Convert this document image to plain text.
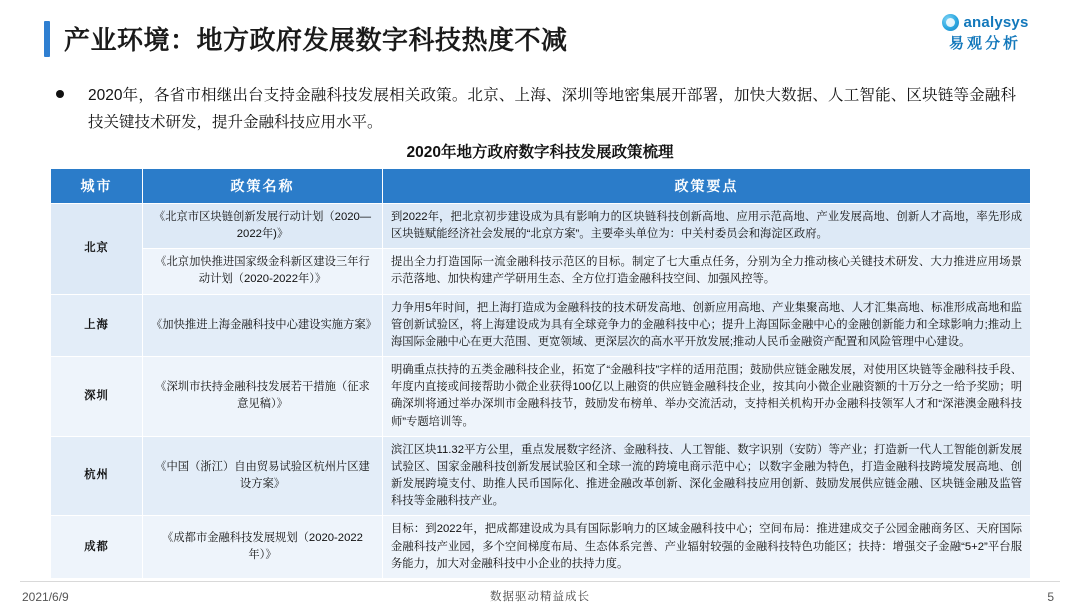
产业环境：地方政府发展数字科技热度不减
analysys
易观分析
2020年，各省市相继出台支持金融科技发展相关政策。北京、上海、深圳等地密集展开部署，加快大数据、人工智能、区块链等金融科技关键技术研发，提升金融科技应用水平。
2020年地方政府数字科技发展政策梳理
城市	政策名称	政策要点
北京	《北京市区块链创新发展行动计划（2020—2022年)》	到2022年，把北京初步建设成为具有影响力的区块链科技创新高地、应用示范高地、产业发展高地、创新人才高地，率先形成区块链赋能经济社会发展的“北京方案”。主要牵头单位为：中关村委员会和海淀区政府。
	《北京加快推进国家级金科新区建设三年行动计划（2020-2022年）》	提出全力打造国际一流金融科技示范区的目标。制定了七大重点任务，分别为全力推动核心关键技术研发、大力推进应用场景示范落地、加快构建产学研用生态、全方位打造金融科技空间、加强风控等。
上海	《加快推进上海金融科技中心建设实施方案》	力争用5年时间，把上海打造成为金融科技的技术研发高地、创新应用高地、产业集聚高地、人才汇集高地、标准形成高地和监管创新试验区，将上海建设成为具有全球竞争力的金融科技中心；提升上海国际金融中心的金融创新能力和全球影响力;推动上海国际金融中心在更大范围、更宽领域、更深层次的高水平开放发展;推动人民币金融资产配置和风险管理中心建设。
深圳	《深圳市扶持金融科技发展若干措施（征求意见稿）》	明确重点扶持的五类金融科技企业，拓宽了“金融科技”字样的适用范围；鼓励供应链金融发展，对使用区块链等金融科技手段、年度内直接或间接帮助小微企业获得100亿以上融资的供应链金融科技企业，按其向小微企业融资额的十万分之一给予奖励；明确深圳将通过举办深圳市金融科技节，鼓励发布榜单、举办交流活动，支持相关机构开办金融科技领军人才和“深港澳金融科技师”专题培训等。
杭州	《中国（浙江）自由贸易试验区杭州片区建设方案》	滨江区块11.32平方公里，重点发展数字经济、金融科技、人工智能、数字识别（安防）等产业；打造新一代人工智能创新发展试验区、国家金融科技创新发展试验区和全球一流的跨境电商示范中心；以数字金融为特色，打造金融科技跨境发展高地、创新发展跨境支付、助推人民币国际化、推进金融改革创新、深化金融科技应用创新、鼓励发展供应链金融、区块链金融及监管科技等金融科技产业。
成都	《成都市金融科技发展规划（2020-2022年）》	目标：到2022年，把成都建设成为具有国际影响力的区域金融科技中心；空间布局：推进建成交子公园金融商务区、天府国际金融科技产业园，多个空间梯度布局、生态体系完善、产业辐射较强的金融科技特色功能区；扶持：增强交子金融“5+2”平台服务能力，加大对金融科技中小企业的扶持力度。
2021/6/9	数据驱动精益成长	5
